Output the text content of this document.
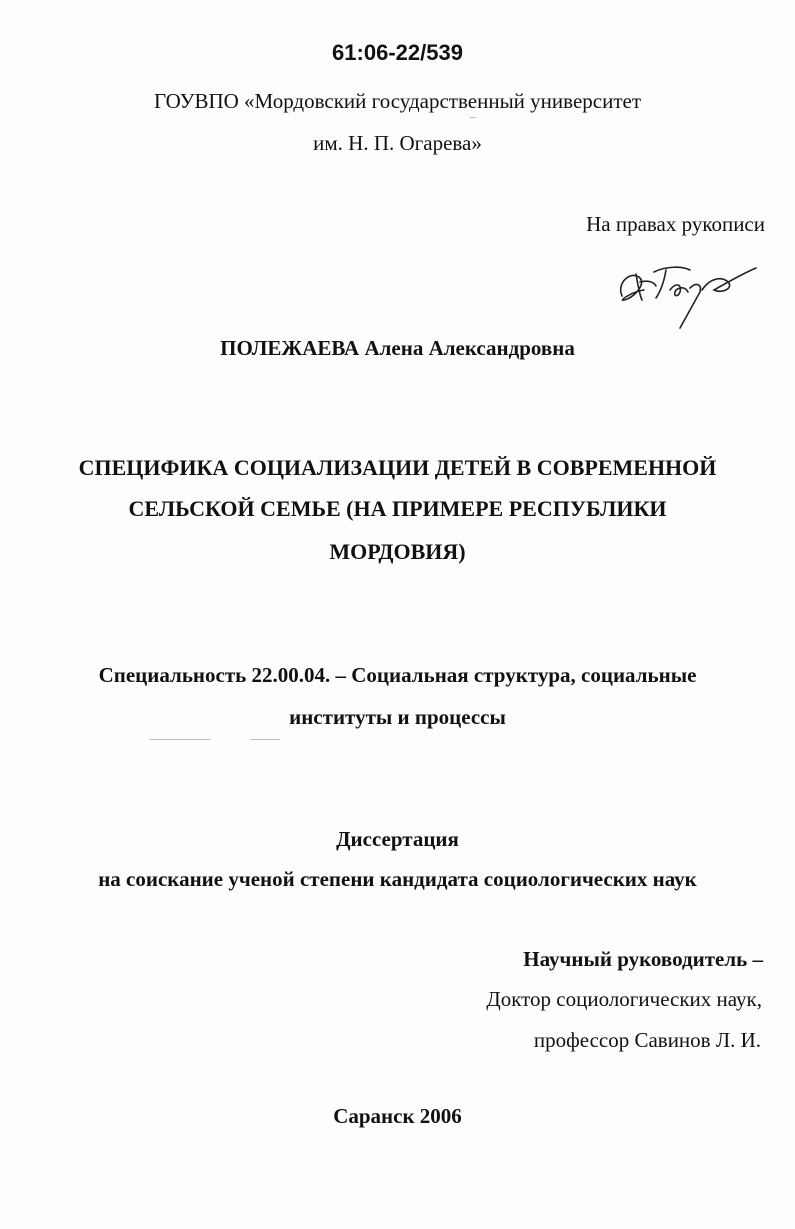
61:06-22/539
ГОУВПО «Мордовский государственный университет
им. Н. П. Огарева»
На правах рукописи
ПОЛЕЖАЕВА Алена Александровна
СПЕЦИФИКА СОЦИАЛИЗАЦИИ ДЕТЕЙ В СОВРЕМЕННОЙ
СЕЛЬСКОЙ СЕМЬЕ (НА ПРИМЕРЕ РЕСПУБЛИКИ
МОРДОВИЯ)
Специальность 22.00.04. – Социальная структура, социальные
институты и процессы
Диссертация
на соискание ученой степени кандидата социологических наук
Научный руководитель –
Доктор социологических наук,
профессор Савинов Л. И.
Саранск 2006
